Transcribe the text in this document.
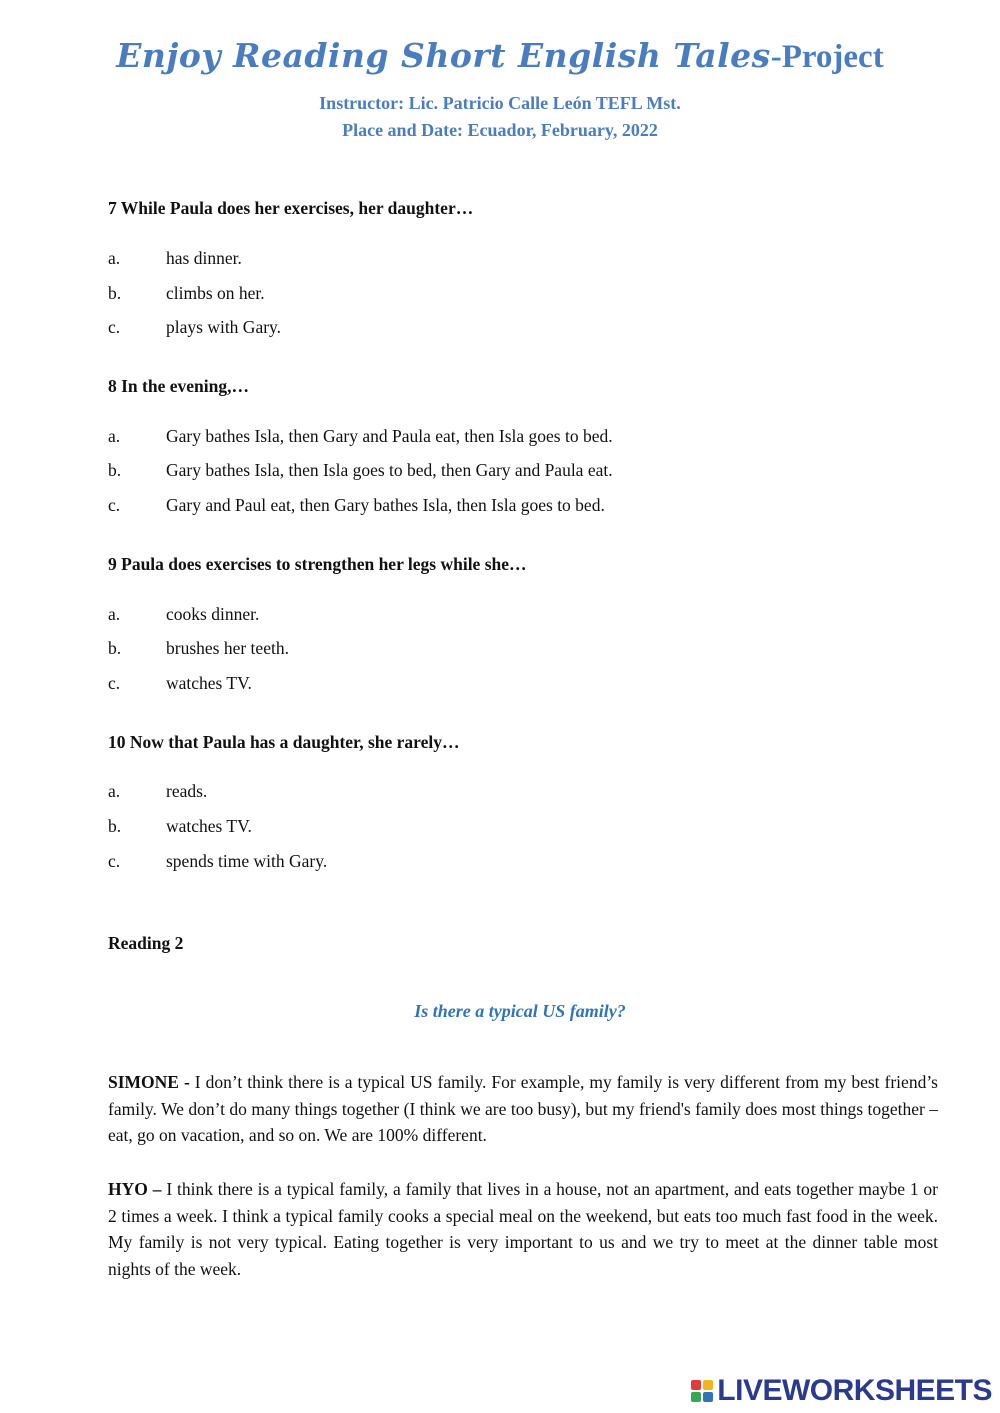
Enjoy Reading Short English Tales-Project
Instructor: Lic. Patricio Calle León TEFL Mst.
Place and Date: Ecuador, February, 2022
7 While Paula does her exercises, her daughter…
a.	has dinner.
b.	climbs on her.
c.	plays with Gary.
8 In the evening,…
a.	Gary bathes Isla, then Gary and Paula eat, then Isla goes to bed.
b.	Gary bathes Isla, then Isla goes to bed, then Gary and Paula eat.
c.	Gary and Paul eat, then Gary bathes Isla, then Isla goes to bed.
9 Paula does exercises to strengthen her legs while she…
a.	cooks dinner.
b.	brushes her teeth.
c.	watches TV.
10 Now that Paula has a daughter, she rarely…
a.	reads.
b.	watches TV.
c.	spends time with Gary.
Reading 2
Is there a typical US family?
SIMONE - I don’t think there is a typical US family. For example, my family is very different from my best friend’s family. We don’t do many things together (I think we are too busy), but my friend's family does most things together – eat, go on vacation, and so on. We are 100% different.
HYO – I think there is a typical family, a family that lives in a house, not an apartment, and eats together maybe 1 or 2 times a week. I think a typical family cooks a special meal on the weekend, but eats too much fast food in the week. My family is not very typical. Eating together is very important to us and we try to meet at the dinner table most nights of the week.
LIVEWORKSHEETS
